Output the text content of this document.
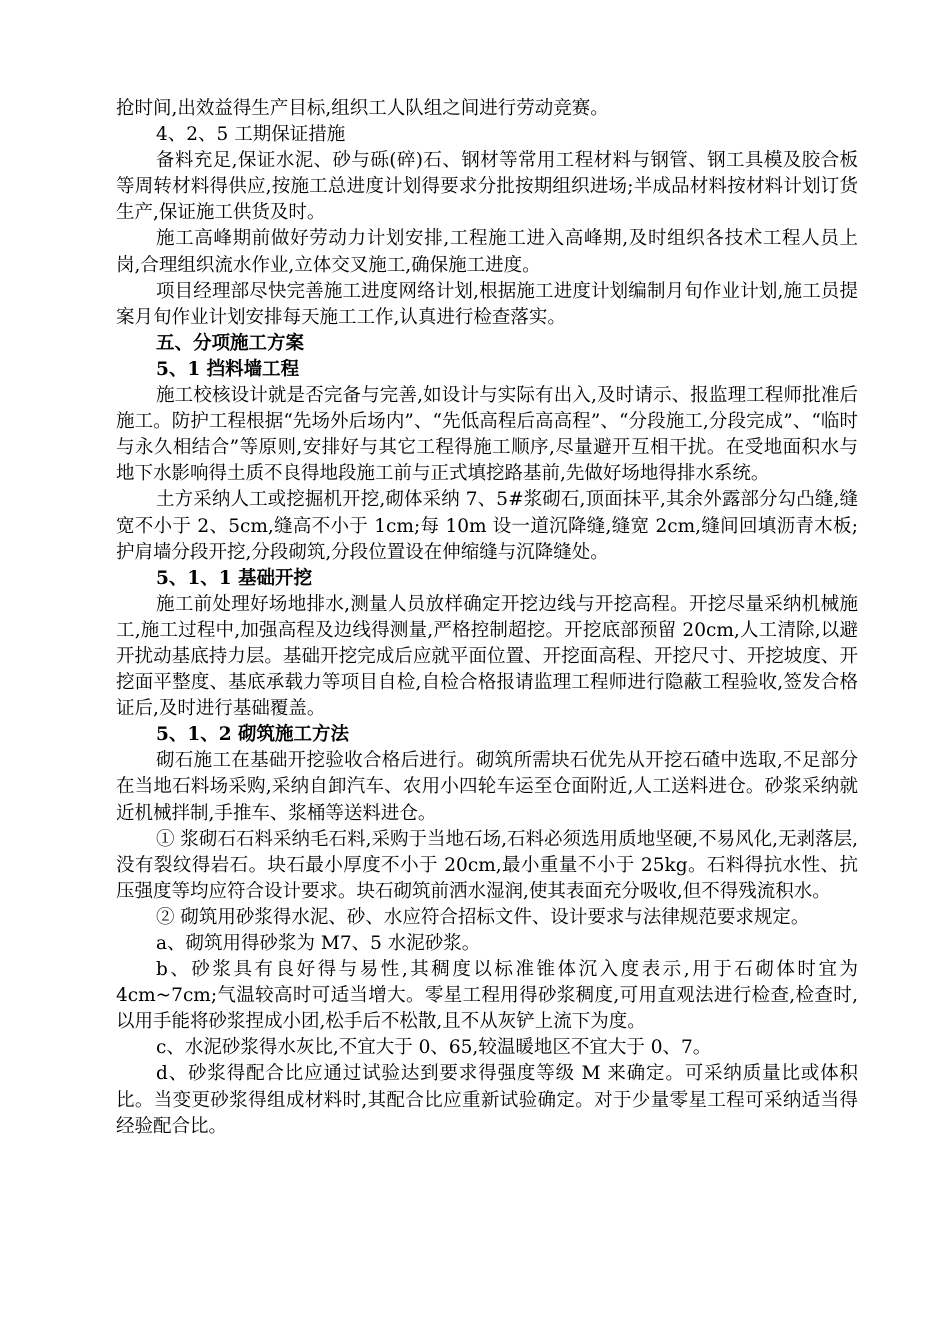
抢时间,出效益得生产目标,组织工人队组之间进行劳动竞赛。

4、2、5 工期保证措施

备料充足,保证水泥、砂与砾(碎)石、钢材等常用工程材料与钢管、钢工具模及胶合板等周转材料得供应,按施工总进度计划得要求分批按期组织进场;半成品材料按材料计划订货生产,保证施工供货及时。

施工高峰期前做好劳动力计划安排,工程施工进入高峰期,及时组织各技术工程人员上岗,合理组织流水作业,立体交叉施工,确保施工进度。

项目经理部尽快完善施工进度网络计划,根据施工进度计划编制月旬作业计划,施工员提案月旬作业计划安排每天施工工作,认真进行检查落实。

五、分项施工方案

5、1 挡料墙工程

施工校核设计就是否完备与完善,如设计与实际有出入,及时请示、报监理工程师批准后施工。防护工程根据“先场外后场内”、“先低高程后高高程”、“分段施工,分段完成”、“临时与永久相结合”等原则,安排好与其它工程得施工顺序,尽量避开互相干扰。在受地面积水与地下水影响得土质不良得地段施工前与正式填挖路基前,先做好场地得排水系统。

土方采纳人工或挖掘机开挖,砌体采纳 7、5#浆砌石,顶面抹平,其余外露部分勾凸缝,缝宽不小于 2、5cm,缝高不小于 1cm;每 10m 设一道沉降缝,缝宽 2cm,缝间回填沥青木板;护肩墙分段开挖,分段砌筑,分段位置设在伸缩缝与沉降缝处。

5、1、1 基础开挖

施工前处理好场地排水,测量人员放样确定开挖边线与开挖高程。开挖尽量采纳机械施工,施工过程中,加强高程及边线得测量,严格控制超挖。开挖底部预留 20cm,人工清除,以避开扰动基底持力层。基础开挖完成后应就平面位置、开挖面高程、开挖尺寸、开挖坡度、开挖面平整度、基底承载力等项目自检,自检合格报请监理工程师进行隐蔽工程验收,签发合格证后,及时进行基础覆盖。

5、1、2 砌筑施工方法

砌石施工在基础开挖验收合格后进行。砌筑所需块石优先从开挖石碴中选取,不足部分在当地石料场采购,采纳自卸汽车、农用小四轮车运至仓面附近,人工送料进仓。砂浆采纳就近机械拌制,手推车、浆桶等送料进仓。

① 浆砌石石料采纳毛石料,采购于当地石场,石料必须选用质地坚硬,不易风化,无剥落层,没有裂纹得岩石。块石最小厚度不小于 20cm,最小重量不小于 25kg。石料得抗水性、抗压强度等均应符合设计要求。块石砌筑前洒水湿润,使其表面充分吸收,但不得残流积水。

② 砌筑用砂浆得水泥、砂、水应符合招标文件、设计要求与法律规范要求规定。

a、砌筑用得砂浆为 M7、5 水泥砂浆。

b、砂浆具有良好得与易性,其稠度以标准锥体沉入度表示,用于石砌体时宜为 4cm~7cm;气温较高时可适当增大。零星工程用得砂浆稠度,可用直观法进行检查,检查时,以用手能将砂浆捏成小团,松手后不松散,且不从灰铲上流下为度。

c、水泥砂浆得水灰比,不宜大于 0、65,较温暖地区不宜大于 0、7。

d、砂浆得配合比应通过试验达到要求得强度等级 M 来确定。可采纳质量比或体积比。当变更砂浆得组成材料时,其配合比应重新试验确定。对于少量零星工程可采纳适当得经验配合比。
